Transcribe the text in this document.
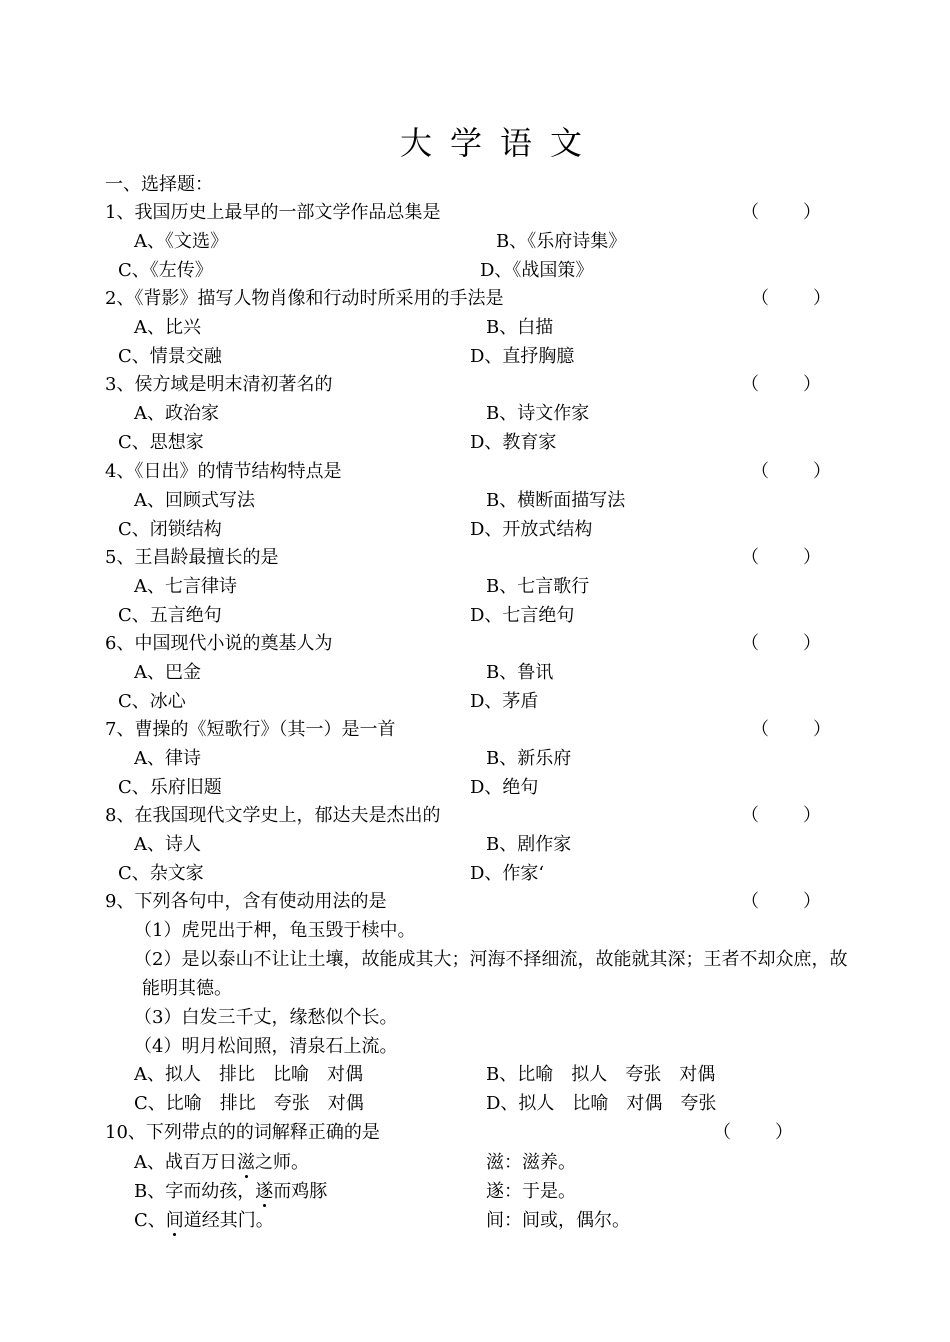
大学语文
一、选择题：
1、我国历史上最早的一部文学作品总集是	（ ）
A、《文选》	B、《乐府诗集》
C、《左传》	D、《战国策》
2、《背影》描写人物肖像和行动时所采用的手法是	（ ）
A、比兴	B、白描
C、情景交融	D、直抒胸臆
3、侯方域是明末清初著名的	（ ）
A、政治家	B、诗文作家
C、思想家	D、教育家
4、《日出》的情节结构特点是	（ ）
A、回顾式写法	B、横断面描写法
C、闭锁结构	D、开放式结构
5、王昌龄最擅长的是	（ ）
A、七言律诗	B、七言歌行
C、五言绝句	D、七言绝句
6、中国现代小说的奠基人为	（ ）
A、巴金	B、鲁讯
C、冰心	D、茅盾
7、曹操的《短歌行》（其一）是一首	（ ）
A、律诗	B、新乐府
C、乐府旧题	D、绝句
8、在我国现代文学史上，郁达夫是杰出的	（ ）
A、诗人	B、剧作家
C、杂文家	D、作家‘
9、下列各句中，含有使动用法的是	（ ）
（1）虎兕出于柙，龟玉毁于椟中。
（2）是以泰山不让让土壤，故能成其大；河海不择细流，故能就其深；王者不却众庶，故
能明其德。
（3）白发三千丈，缘愁似个长。
（4）明月松间照，清泉石上流。
A、拟人　排比　比喻　对偶	B、比喻　拟人　夸张　对偶
C、比喻　排比　夸张　对偶	D、拟人　比喻　对偶　夸张
10、下列带点的的词解释正确的是	（ ）
A、战百万日滋之师。	滋：滋养。
B、字而幼孩，遂而鸡豚	遂：于是。
C、间道经其门。	间：间或，偶尔。
